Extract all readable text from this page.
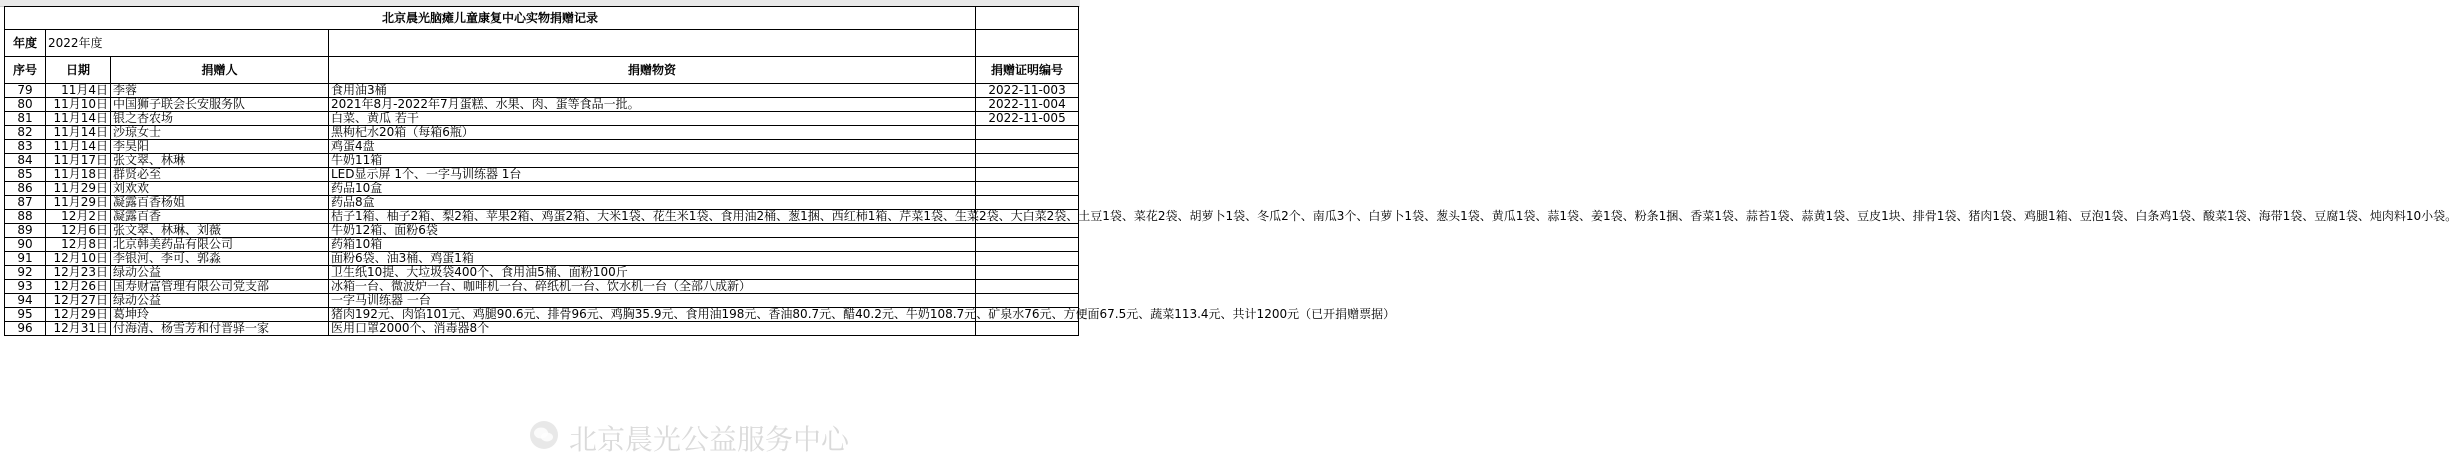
北京晨光脑瘫儿童康复中心实物捐赠记录				
年度	2022年度			
序号	日期	捐赠人	捐赠物资	捐赠证明编号
79	11月4日	李蓉	食用油3桶	2022-11-003
80	11月10日	中国狮子联会长安服务队	2021年8月-2022年7月蛋糕、水果、肉、蛋等食品一批。	2022-11-004
81	11月14日	银之杏农场	白菜、黄瓜 若干	2022-11-005
82	11月14日	沙琼女士	黑枸杞水20箱（每箱6瓶）	
83	11月14日	李昊阳	鸡蛋4盘	
84	11月17日	张文翠、林琳	牛奶11箱	
85	11月18日	群贤必至	LED显示屏 1个、一字马训练器 1台	
86	11月29日	刘欢欢	药品10盒	
87	11月29日	凝露百香杨姐	药品8盒	
88	12月2日	凝露百香	桔子1箱、柚子2箱、梨2箱、苹果2箱、鸡蛋2箱、大米1袋、花生米1袋、食用油2桶、葱1捆、西红柿1箱、芹菜1袋、生菜2袋、大白菜2袋、土豆1袋、菜花2袋、胡萝卜1袋、冬瓜2个、南瓜3个、白萝卜1袋、葱头1袋、黄瓜1袋、蒜1袋、姜1袋、粉条1捆、香菜1袋、蒜苔1袋、蒜黄1袋、豆皮1块、排骨1袋、猪肉1袋、鸡腿1箱、豆泡1袋、白条鸡1袋、酸菜1袋、海带1袋、豆腐1袋、炖肉料10小袋。	
89	12月6日	张文翠、林琳、刘薇	牛奶12箱、面粉6袋	
90	12月8日	北京韩美药品有限公司	药箱10箱	
91	12月10日	李银河、李可、郭淼	面粉6袋、油3桶、鸡蛋1箱	
92	12月23日	绿动公益	卫生纸10提、大垃圾袋400个、食用油5桶、面粉100斤	
93	12月26日	国寿财富管理有限公司党支部	冰箱一台、微波炉一台、咖啡机一台、碎纸机一台、饮水机一台（全部八成新）	
94	12月27日	绿动公益	一字马训练器 一台	
95	12月29日	葛坤玲	猪肉192元、肉馅101元、鸡腿90.6元、排骨96元、鸡胸35.9元、食用油198元、香油80.7元、醋40.2元、牛奶108.7元、矿泉水76元、方便面67.5元、蔬菜113.4元、共计1200元（已开捐赠票据）	
96	12月31日	付海清、杨雪芳和付晋驿一家	医用口罩2000个、消毒器8个	
北京晨光公益服务中心
